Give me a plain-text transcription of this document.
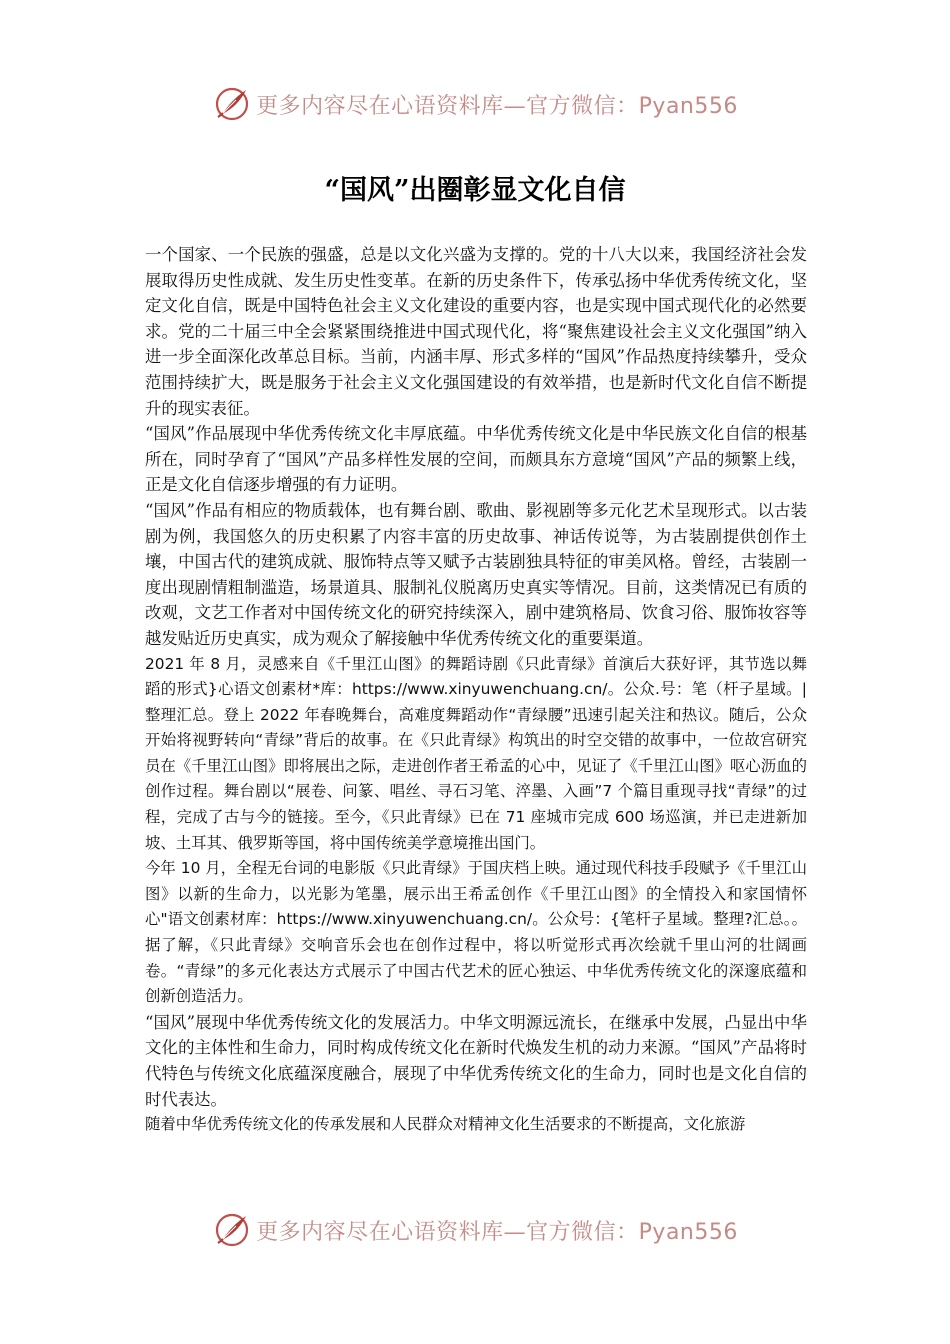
更多内容尽在心语资料库—官方微信：Pyan556
“国风”出圈彰显文化自信

一个国家、一个民族的强盛，总是以文化兴盛为支撑的。党的十八大以来，我国经济社会发展取得历史性成就、发生历史性变革。在新的历史条件下，传承弘扬中华优秀传统文化，坚定文化自信，既是中国特色社会主义文化建设的重要内容，也是实现中国式现代化的必然要求。党的二十届三中全会紧紧围绕推进中国式现代化，将“聚焦建设社会主义文化强国”纳入进一步全面深化改革总目标。当前，内涵丰厚、形式多样的“国风”作品热度持续攀升，受众范围持续扩大，既是服务于社会主义文化强国建设的有效举措，也是新时代文化自信不断提升的现实表征。

“国风”作品展现中华优秀传统文化丰厚底蕴。中华优秀传统文化是中华民族文化自信的根基所在，同时孕育了“国风”产品多样性发展的空间，而颇具东方意境“国风”产品的频繁上线，正是文化自信逐步增强的有力证明。

“国风”作品有相应的物质载体，也有舞台剧、歌曲、影视剧等多元化艺术呈现形式。以古装剧为例，我国悠久的历史积累了内容丰富的历史故事、神话传说等，为古装剧提供创作土壤，中国古代的建筑成就、服饰特点等又赋予古装剧独具特征的审美风格。曾经，古装剧一度出现剧情粗制滥造，场景道具、服制礼仪脱离历史真实等情况。目前，这类情况已有质的改观，文艺工作者对中国传统文化的研究持续深入，剧中建筑格局、饮食习俗、服饰妆容等越发贴近历史真实，成为观众了解接触中华优秀传统文化的重要渠道。

2021 年 8 月，灵感来自《千里江山图》的舞蹈诗剧《只此青绿》首演后大获好评，其节选以舞蹈的形式}心语文创素材*库：https://www.xinyuwenchuang.cn/。公众.号：笔（杆子星域。|整理汇总。登上 2022 年春晚舞台，高难度舞蹈动作“青绿腰”迅速引起关注和热议。随后，公众开始将视野转向“青绿”背后的故事。在《只此青绿》构筑出的时空交错的故事中，一位故宫研究员在《千里江山图》即将展出之际，走进创作者王希孟的心中，见证了《千里江山图》呕心沥血的创作过程。舞台剧以“展卷、问篆、唱丝、寻石习笔、淬墨、入画”7 个篇目重现寻找“青绿”的过程，完成了古与今的链接。至今，《只此青绿》已在 71 座城市完成 600 场巡演，并已走进新加坡、土耳其、俄罗斯等国，将中国传统美学意境推出国门。

今年 10 月，全程无台词的电影版《只此青绿》于国庆档上映。通过现代科技手段赋予《千里江山图》以新的生命力，以光影为笔墨，展示出王希孟创作《千里江山图》的全情投入和家国情怀心"语文创素材库：https://www.xinyuwenchuang.cn/。公众号：{笔杆子星域。整理?汇总。。据了解，《只此青绿》交响音乐会也在创作过程中，将以听觉形式再次绘就千里山河的壮阔画卷。“青绿”的多元化表达方式展示了中国古代艺术的匠心独运、中华优秀传统文化的深邃底蕴和创新创造活力。

“国风”展现中华优秀传统文化的发展活力。中华文明源远流长，在继承中发展，凸显出中华文化的主体性和生命力，同时构成传统文化在新时代焕发生机的动力来源。“国风”产品将时代特色与传统文化底蕴深度融合，展现了中华优秀传统文化的生命力，同时也是文化自信的时代表达。

随着中华优秀传统文化的传承发展和人民群众对精神文化生活要求的不断提高，文化旅游

更多内容尽在心语资料库—官方微信：Pyan556
